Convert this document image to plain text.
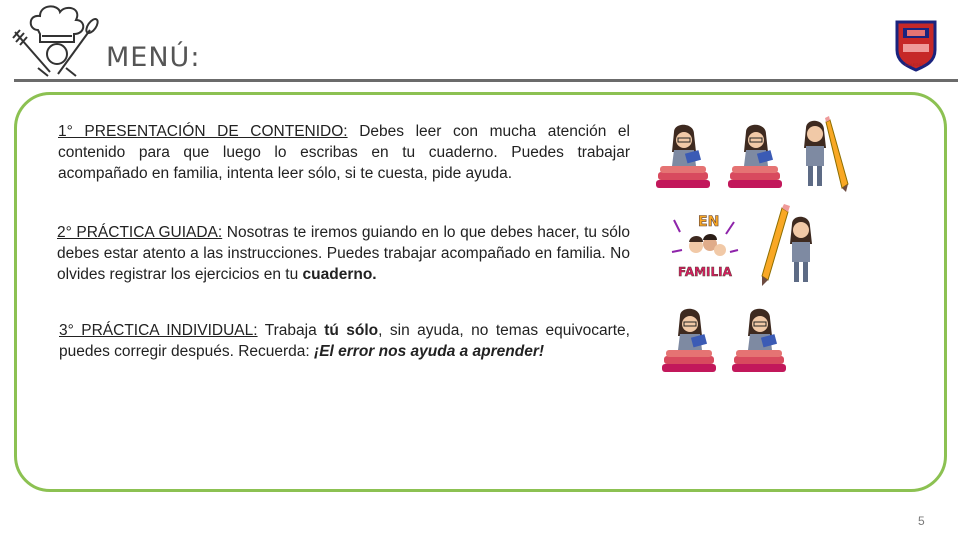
MENÚ:	COLEGIO ...
1° PRESENTACIÓN DE CONTENIDO: Debes leer con mucha atención el contenido para que luego lo escribas en tu cuaderno. Puedes trabajar acompañado en familia, intenta leer sólo, si te cuesta, pide ayuda.
2° PRÁCTICA GUIADA: Nosotras te iremos guiando en lo que debes hacer, tu sólo debes estar atento a las instrucciones. Puedes trabajar acompañado en familia. No olvides registrar los ejercicios en tu cuaderno.
3° PRÁCTICA INDIVIDUAL: Trabaja tú sólo, sin ayuda, no temas equivocarte, puedes corregir después. Recuerda: ¡El error nos ayuda a aprender!
EN
FAMILIA
5
